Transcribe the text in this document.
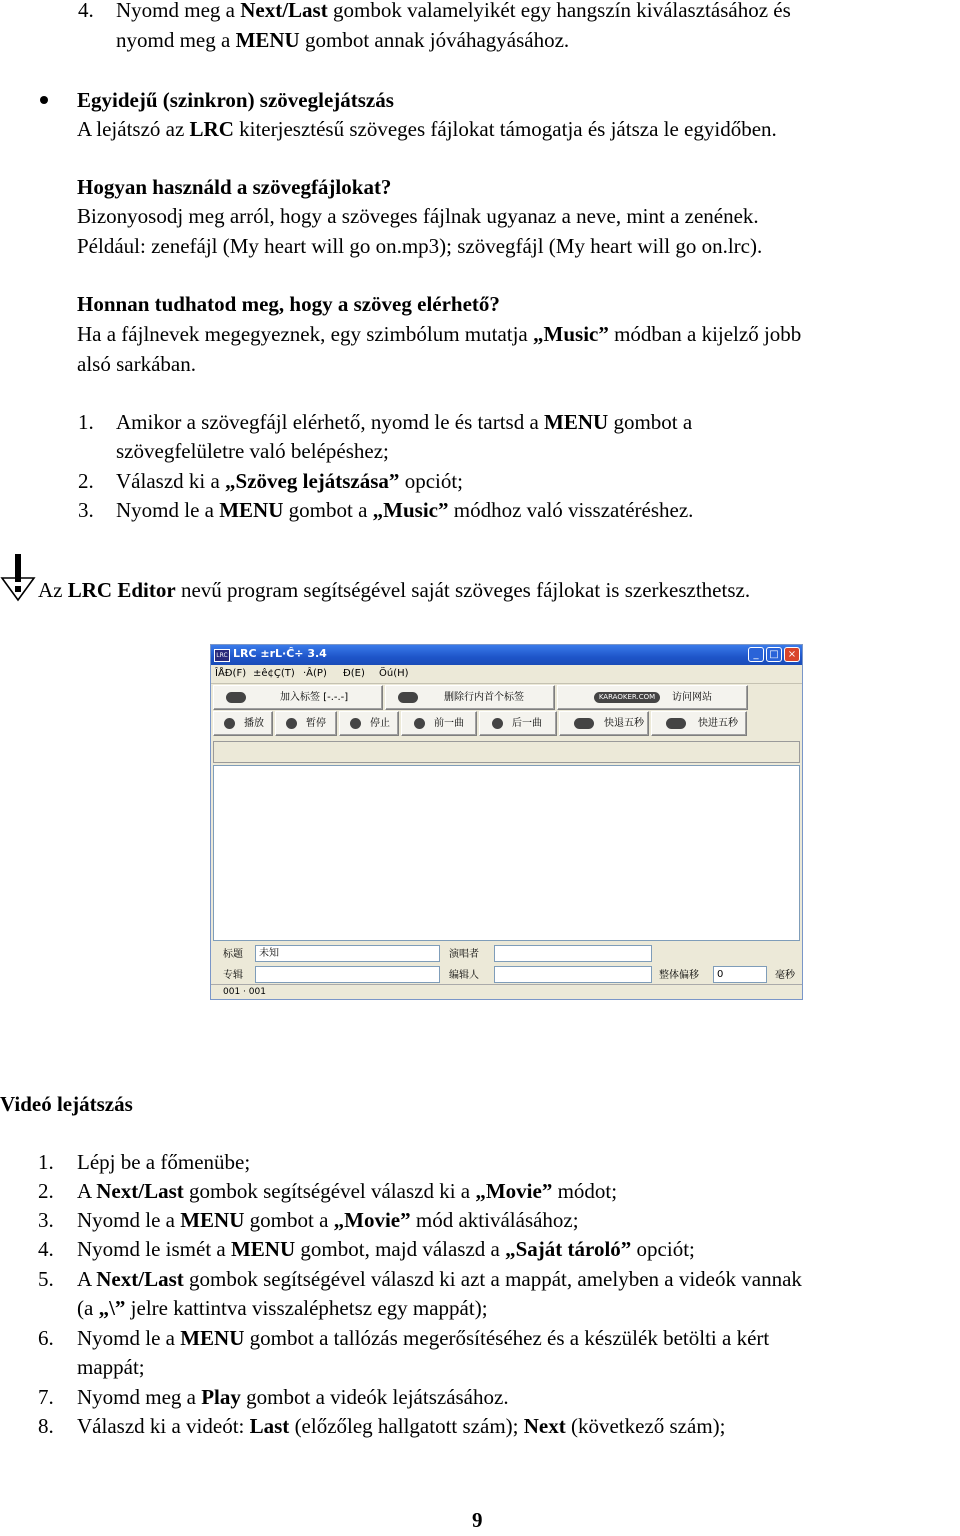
4. Nyomd meg a Next/Last gombok valamelyikét egy hangszín kiválasztásához és
nyomd meg a MENU gombot annak jóváhagyásához.
Egyidejű (szinkron) szöveglejátszás
A lejátszó az LRC kiterjesztésű szöveges fájlokat támogatja és játsza le egyidőben.
Hogyan használd a szövegfájlokat?
Bizonyosodj meg arról, hogy a szöveges fájlnak ugyanaz a neve, mint a zenének.
Például: zenefájl (My heart will go on.mp3); szövegfájl (My heart will go on.lrc).
Honnan tudhatod meg, hogy a szöveg elérhető?
Ha a fájlnevek megegyeznek, egy szimbólum mutatja „Music” módban a kijelző jobb
alsó sarkában.
1. Amikor a szövegfájl elérhető, nyomd le és tartsd a MENU gombot a
szövegfelületre való belépéshez;
2. Válaszd ki a „Szöveg lejátszása” opciót;
3. Nyomd le a MENU gombot a „Music” módhoz való visszatéréshez.
Az LRC Editor nevű program segítségével saját szöveges fájlokat is szerkeszthetsz.
LRC LRC ±rL·Ĉ÷ 3.4	_	□ ×
ÎÅÐ(F) ±ê¢Ç(T) ·Â(P) Ð(E) Öú(H)
加入标签 [-.-.-]	删除行内首个标签	KARAOKER.COM	访问网站
播放	暂停	停止	前一曲	后一曲	快退五秒	快进五秒
标题	未知	演唱者
专辑	编辑人	整体偏移	0	毫秒
001 · 001
Videó lejátszás
1. Lépj be a főmenübe;
2. A Next/Last gombok segítségével válaszd ki a „Movie” módot;
3. Nyomd le a MENU gombot a „Movie” mód aktiválásához;
4. Nyomd le ismét a MENU gombot, majd válaszd a „Saját tároló” opciót;
5. A Next/Last gombok segítségével válaszd ki azt a mappát, amelyben a videók vannak
(a „\” jelre kattintva visszaléphetsz egy mappát);
6. Nyomd le a MENU gombot a tallózás megerősítéséhez és a készülék betölti a kért
mappát;
7. Nyomd meg a Play gombot a videók lejátszásához.
8. Válaszd ki a videót: Last (előzőleg hallgatott szám); Next (következő szám);
9
